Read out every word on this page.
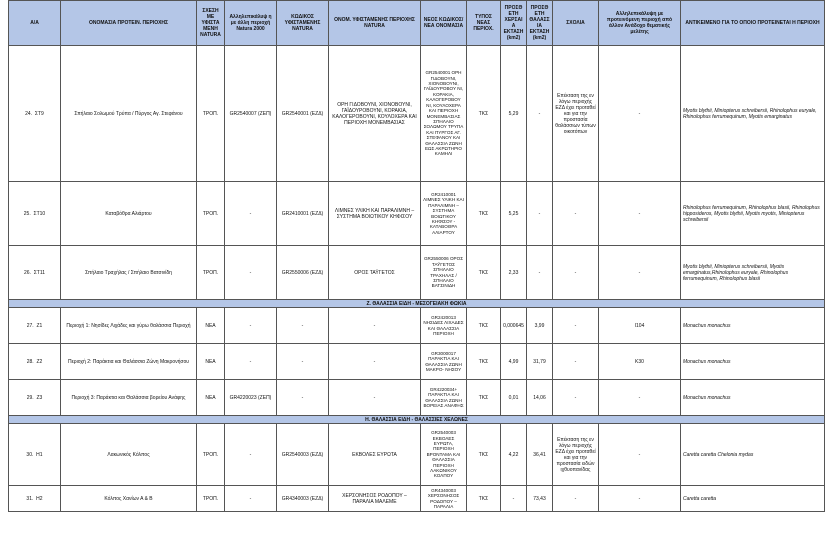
Α/Α	ΟΝΟΜΑΣΙΑ ΠΡΟΤΕΙΝ. ΠΕΡΙΟΧΗΣ	ΣΧΕΣΗ ΜΕ ΥΦΙΣΤΑ ΜΕΝΗ NATURA	Αλληλεπικάλυψ η με άλλη περιοχή Natura 2000	ΚΩΔΙΚΟΣ ΥΦΙΣΤΑΜΕΝΗΣ NATURA	ΟΝΟΜ. ΥΦΙΣΤΑΜΕΝΗΣ ΠΕΡΙΟΧΗΣ NATURA	ΝΕΟΣ ΚΩΔΙΚΟΣ/ ΝΕΑ ΟΝΟΜΑΣΙΑ	ΤΥΠΟΣ ΝΕΑΣ ΠΕΡΙΟΧ.	ΠΡΟΣΘ ΕΤΗ ΧΕΡΣΑΙ Α ΕΚΤΑΣΗ (km2)	ΠΡΟΣΘ ΕΤΗ ΘΑΛΑΣΣ ΙΑ ΕΚΤΑΣΗ (km2)	ΣΧΟΛΙΑ	Αλληλεπικάλυψη με προτεινόμενη περιοχή από άλλον Ανάδοχο θεματικής μελέτης	ΑΝΤΙΚΕΙΜΕΝΟ ΓΙΑ ΤΟ ΟΠΟΙΟ ΠΡΟΤΕΙΝΕΤΑΙ Η ΠΕΡΙΟΧΗ
24. ΣΤ9	Σπήλαιο Σολωμού Τρύπα / Πύργος Αγ. Στεφάνου	ΤΡΟΠ.	GR2540007 (ΖΕΠ)	GR2540001 (ΕΖΔ)	ΟΡΗ ΓΙΔΟΒΟΥΝΙ, ΧΙΟΝΟΒΟΥΝΙ, ΓΑΪΔΟΥΡΟΒΟΥΝΙ, ΚΟΡΑΚΙΑ, ΚΑΛΟΓΕΡΟΒΟΥΝΙ, ΚΟΥΛΟΧΕΡΑ ΚΑΙ ΠΕΡΙΟΧΗ ΜΟΝΕΜΒΑΣΙΑΣ	GR2540001 ΟΡΗ ΓΙΔΟΒΟΥΝΙ, ΧΙΟΝΟΒΟΥΝΙ, ΓΑΪΔΟΥΡΟΒΟΥ ΝΙ, ΚΟΡΑΚΙΑ, ΚΑΛΟΓΕΡΟΒΟΥ ΝΙ, ΚΟΥΛΟΧΕΡΑ ΚΑΙ ΠΕΡΙΟΧΗ ΜΟΝΕΜΒΑΣΙΑΣ ΣΠΗΛΑΙΟ ΣΟΛΩΜΟΥ ΤΡΥΠΑ ΚΑΙ ΠΥΡΓΟΣ ΑΓ. ΣΤΕΦΑΝΟΥ ΚΑΙ ΘΑΛΑΣΣΙΑ ΖΩΝΗ ΕΩΣ ΑΚΡΩΤΗΡΙΟ ΚΑΜΗΛΙ	ΤΚΣ	5,29	-	Επέκταση της εν λόγω περιοχής ΕΖΔ έχει προταθεί και για την προστασία θαλάσσιων τύπων οικοτόπων	-	Myotis blythii, Miniopterus schreibersii, Rhinolophus euryale, Rhinolophus ferrumequinum, Myotis emarginatus
25. ΣΤ10	Καταβόθρα Αλιάρτου	ΤΡΟΠ.	-	GR2410001 (ΕΖΔ)	ΛΙΜΝΕΣ ΥΛΙΚΗ ΚΑΙ ΠΑΡΑΛΙΜΝΗ – ΣΥΣΤΗΜΑ ΒΟΙΩΤΙΚΟΥ ΚΗΦΙΣΟΥ	GR2410001 ΛΙΜΝΕΣ ΥΛΙΚΗ ΚΑΙ ΠΑΡΑΛΙΜΝΗ – ΣΥΣΤΗΜΑ ΒΟΙΩΤΙΚΟΥ ΚΗΦΙΣΟΥ - ΚΑΤΑΒΟΘΡΑ ΑΛΙΑΡΤΟΥ	ΤΚΣ	5,25	-	-	-	Rhinolophus ferrumequinum, Rhinolophus blasii, Rhinolophus hipposideros, Myotis blythii, Myotis myotis, Miniopterus schreibersii
26. ΣΤ11	Σπήλαιο Τραχήλας / Σπήλαιο Βατσινίδη	ΤΡΟΠ.	-	GR2550006 (ΕΖΔ)	ΟΡΟΣ ΤΑΫΓΕΤΟΣ	GR2550006 ΟΡΟΣ ΤΑΫΓΕΤΟΣ ΣΠΗΛΑΙΟ ΤΡΑΧΗΛΑΣ / ΣΠΗΛΑΙΟ ΒΑΤΣΙΝΙΔΗ	ΤΚΣ	2,33	-	-	-	Myotis blythii, Miniopterus schreibersii, Myotis emarginatus,Rhinolophus euryale, Rhinolophus ferrumequinum, Rhinolophus blasii
Ζ. ΘΑΛΑΣΣΙΑ ΕΙΔΗ - ΜΕΣΟΓΕΙΑΚΗ ΦΩΚΙΑ												
27. Ζ1	Περιοχή 1: Νησίδες Λιχάδες και γύρω θαλάσσια Περιοχή	ΝΕΑ	-	-	-	GR2420013 ΝΗΣΙΔΕΣ ΛΙΧΑΔΕΣ ΚΑΙ ΘΑΛΑΣΣΙΑ ΠΕΡΙΟΧΗ	ΤΚΣ	0,000645	3,99	-	I104	Monachus monachus
28. Ζ2	Περιοχή 2: Παράκτια και Θαλάσσια Ζώνη Μακρονήσου	ΝΕΑ	-	-	-	GR3000017 ΠΑΡΑΚΤΙΑ ΚΑΙ ΘΑΛΑΣΣΙΑ ΖΩΝΗ ΜΑΚΡΟ- ΝΗΣΟΥ	ΤΚΣ	4,99	31,79	-	K30	Monachus monachus
29. Ζ3	Περιοχή 3: Παράκτια και Θαλάσσια βορείου Ανάφης	ΝΕΑ	GR4220023 (ΖΕΠ)	-	-	GR4220034+ ΠΑΡΑΚΤΙΑ ΚΑΙ ΘΑΛΑΣΣΙΑ ΖΩΝΗ ΒΟΡΕΙΑΣ ΑΝΑΦΗΣ	ΤΚΣ	0,01	14,06	-	-	Monachus monachus
Η. ΘΑΛΑΣΣΙΑ ΕΙΔΗ - ΘΑΛΑΣΣΙΕΣ ΧΕΛΩΝΕΣ												
30. Η1	Λακωνικός Κόλπος	ΤΡΟΠ.	-	GR2540003 (ΕΖΔ)	ΕΚΒΟΛΕΣ ΕΥΡΩΤΑ	GR2540003 ΕΚΒΟΛΕΣ ΕΥΡΩΤΑ, ΠΕΡΙΟΧΗ ΒΡΟΝΤΑΜΑ ΚΑΙ ΘΑΛΑΣΣΙΑ ΠΕΡΙΟΧΗ ΛΑΚΩΝΙΚΟΥ ΚΟΛΠΟΥ	ΤΚΣ	4,22	36,41	Επέκταση της εν λόγω περιοχής ΕΖΔ έχει προταθεί και για την προστασία ειδών ιχθυοπανίδας	-	Caretta caretta Chelonia mydas
31. Η2	Κόλπος Χανίων Α & Β	ΤΡΟΠ.	-	GR4340003 (ΕΖΔ)	ΧΕΡΣΟΝΗΣΟΣ ΡΟΔΟΠΟΥ – ΠΑΡΑΛΙΑ ΜΑΛΕΜΕ	GR4340003 ΧΕΡΣΟΝΗΣΟΣ ΡΟΔΟΠΟΥ – ΠΑΡΑΛΙΑ	ΤΚΣ	-	73,43	-	-	Caretta caretta
